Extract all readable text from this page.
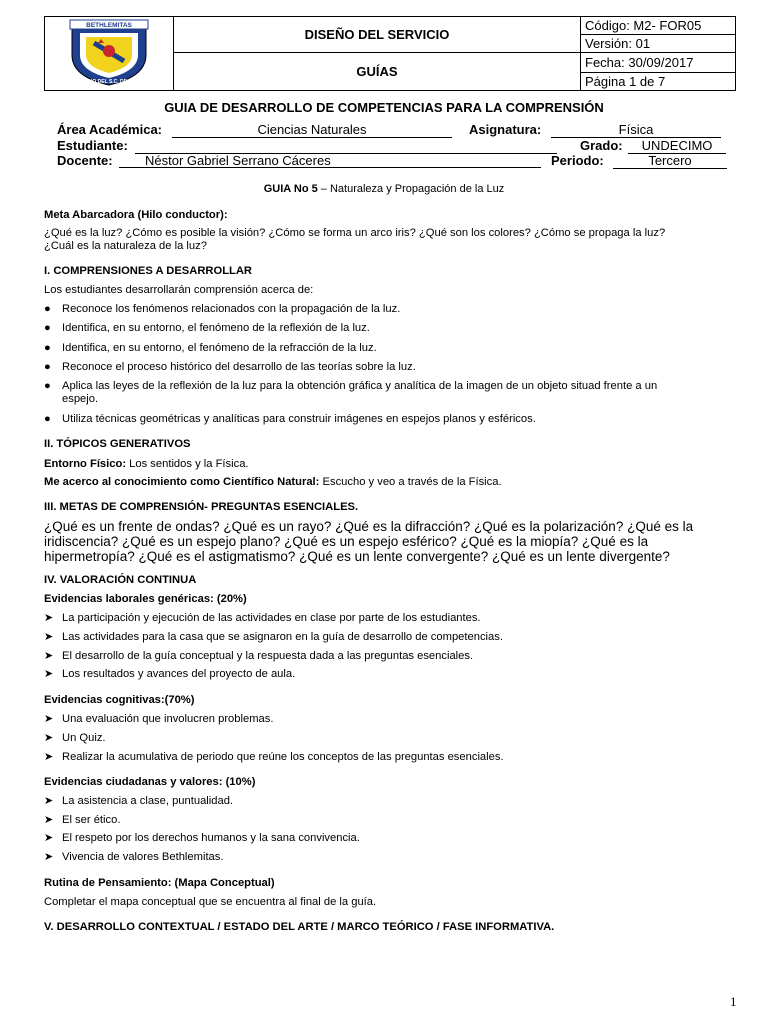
BETHLEMITAS
COLEGIO DEL S.C. DE JESÚS	DISEÑO DEL SERVICIO	Código: M2- FOR05
		Versión: 01
	GUÍAS	Fecha: 30/09/2017
		Página 1 de 7
GUIA DE DESARROLLO DE COMPETENCIAS PARA LA COMPRENSIÓN
Área Académica:	Ciencias Naturales	Asignatura:	Física
Estudiante:	Grado:	UNDECIMO
Docente:	Néstor Gabriel Serrano Cáceres	Periodo:	Tercero
GUIA No 5 – Naturaleza y Propagación de la Luz
Meta Abarcadora (Hilo conductor):
¿Qué es la luz? ¿Cómo es posible la visión? ¿Cómo se forma un arco iris? ¿Qué son los colores? ¿Cómo se propaga la luz?
¿Cuál es la naturaleza de la luz?
I. COMPRENSIONES A DESARROLLAR
Los estudiantes desarrollarán comprensión acerca de:
●	Reconoce los fenómenos relacionados con la propagación de la luz.
●	Identifica, en su entorno, el fenómeno de la reflexión de la luz.
●	Identifica, en su entorno, el fenómeno de la refracción de la luz.
●	Reconoce el proceso histórico del desarrollo de las teorías sobre la luz.
●	Aplica las leyes de la reflexión de la luz para la obtención gráfica y analítica de la imagen de un objeto situad frente a un
espejo.
●	Utiliza técnicas geométricas y analíticas para construir imágenes en espejos planos y esféricos.
II. TÓPICOS GENERATIVOS
Entorno Físico: Los sentidos y la Física.
Me acerco al conocimiento como Científico Natural: Escucho y veo a través de la Física.
III. METAS DE COMPRENSIÓN- PREGUNTAS ESENCIALES.
¿Qué es un frente de ondas? ¿Qué es un rayo? ¿Qué es la difracción? ¿Qué es la polarización? ¿Qué es la
iridiscencia? ¿Qué es un espejo plano? ¿Qué es un espejo esférico? ¿Qué es la miopía? ¿Qué es la
hipermetropía? ¿Qué es el astigmatismo? ¿Qué es un lente convergente? ¿Qué es un lente divergente?
IV. VALORACIÓN CONTINUA
Evidencias laborales genéricas: (20%)
➤ La participación y ejecución de las actividades en clase por parte de los estudiantes.
➤ Las actividades para la casa que se asignaron en la guía de desarrollo de competencias.
➤ El desarrollo de la guía conceptual y la respuesta dada a las preguntas esenciales.
➤ Los resultados y avances del proyecto de aula.
Evidencias cognitivas:(70%)
➤ Una evaluación que involucren problemas.
➤ Un Quiz.
➤ Realizar la acumulativa de periodo que reúne los conceptos de las preguntas esenciales.
Evidencias ciudadanas y valores: (10%)
➤ La asistencia a clase, puntualidad.
➤ El ser ético.
➤ El respeto por los derechos humanos y la sana convivencia.
➤ Vivencia de valores Bethlemitas.
Rutina de Pensamiento: (Mapa Conceptual)
Completar el mapa conceptual que se encuentra al final de la guía.
V. DESARROLLO CONTEXTUAL / ESTADO DEL ARTE / MARCO TEÓRICO / FASE INFORMATIVA.
1
